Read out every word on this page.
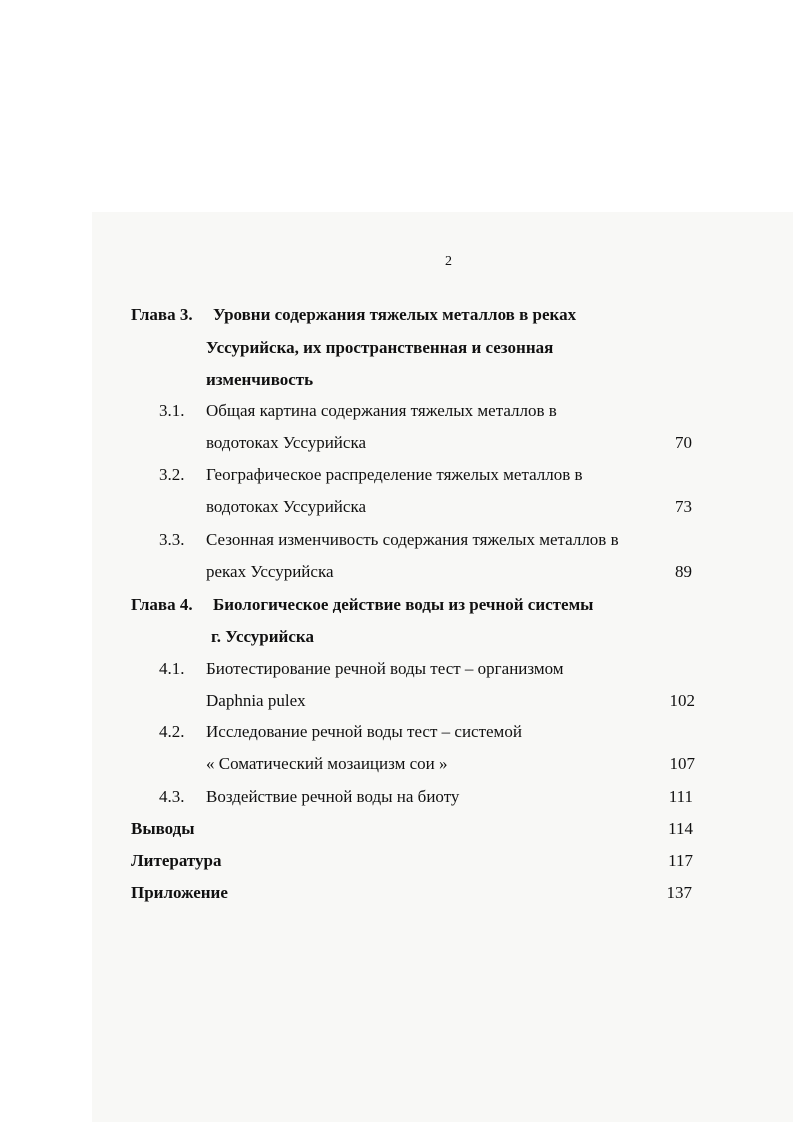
2
Глава 3. Уровни содержания тяжелых металлов в реках
Уссурийска, их пространственная и сезонная
изменчивость
3.1. Общая картина содержания тяжелых металлов в
водотоках Уссурийска	70
3.2. Географическое распределение тяжелых металлов в
водотоках Уссурийска	73
3.3. Сезонная изменчивость содержания тяжелых металлов в
реках Уссурийска	89
Глава 4. Биологическое действие воды из речной системы
г. Уссурийска
4.1. Биотестирование речной воды тест – организмом
Daphnia pulex	102
4.2. Исследование речной воды тест – системой
« Соматический мозаицизм сои »	107
4.3. Воздействие речной воды на биоту	111
Выводы	114
Литература	117
Приложение	137
